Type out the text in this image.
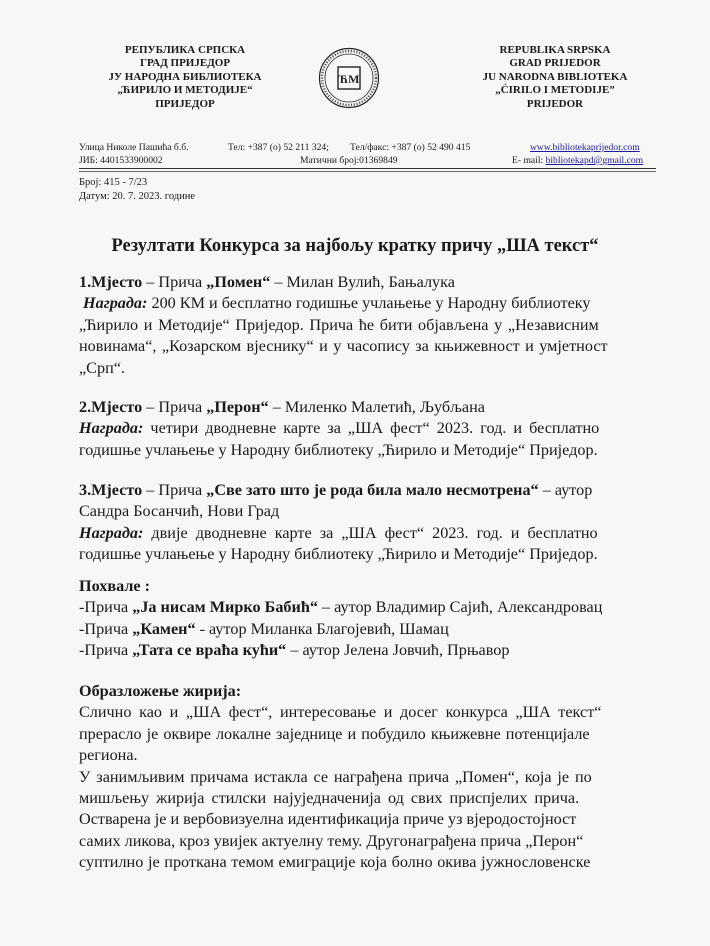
РЕПУБЛИКА СРПСКА
ГРАД ПРИЈЕДОР
ЈУ НАРОДНА БИБЛИОТЕКА
„ЋИРИЛО И МЕТОДИЈЕ“
ПРИЈЕДОР
ЋМ
REPUBLIKA SRPSKA
GRAD PRIJEDOR
JU NARODNA BIBLIOTEKA
„ĆIRILO I METODIJE”
PRIJEDOR
Улица Николе Пашића б.б.	Тел: +387 (о) 52 211 324; Тел/факс: +387 (о) 52 490 415	www.bibliotekaprijedor.com
ЈИБ: 4401533900002	Матични број:01369849	E- mail: bibliotekapd@gmail.com
Број: 415 - 7/23
Датум: 20. 7. 2023. године
Резултати Конкурса за најбољу кратку причу „ША текст“
1.Мјесто – Прича „Помен“ – Милан Вулић, Бањалука
Награда: 200 КМ и бесплатно годишње учлањење у Народну библиотеку
„Ћирило и Методије“ Приједор. Прича ће бити објављена у „Независним
новинама“, „Козарском вјеснику“ и у часопису за књижевност и умјетност
„Срп“.
2.Мјесто – Прича „Перон“ – Миленко Малетић, Љубљана
Награда: четири дводневне карте за „ША фест“ 2023. год. и бесплатно
годишње учлањење у Народну библиотеку „Ћирило и Методије“ Приједор.
3.Мјесто – Прича „Све зато што је рода била мало несмотрена“ – аутор
Сандра Босанчић, Нови Град
Награда: двије дводневне карте за „ША фест“ 2023. год. и бесплатно
годишње учлањење у Народну библиотеку „Ћирило и Методије“ Приједор.
Похвале :
-Прича „Ја нисам Мирко Бабић“ – аутор Владимир Сајић, Александровац
-Прича „Камен“ - аутор Миланка Благојевић, Шамац
-Прича „Тата се враћа кући“ – аутор Јелена Јовчић, Прњавор
Образложење жирија:
Слично као и „ША фест“, интересовање и досег конкурса „ША текст“
прерасло је оквире локалне заједнице и побудило књижевне потенцијале
региона.
У занимљивим причама истакла се награђена прича „Помен“, која је по
мишљењу жирија стилски најуједначенија од свих приспјелих прича.
Остварена је и вербовизуелна идентификација приче уз вјеродостојност
самих ликова, кроз увијек актуелну тему. Другонаграђена прича „Перон“
суптилно је проткана темом емиграције која болно окива јужнословенске
